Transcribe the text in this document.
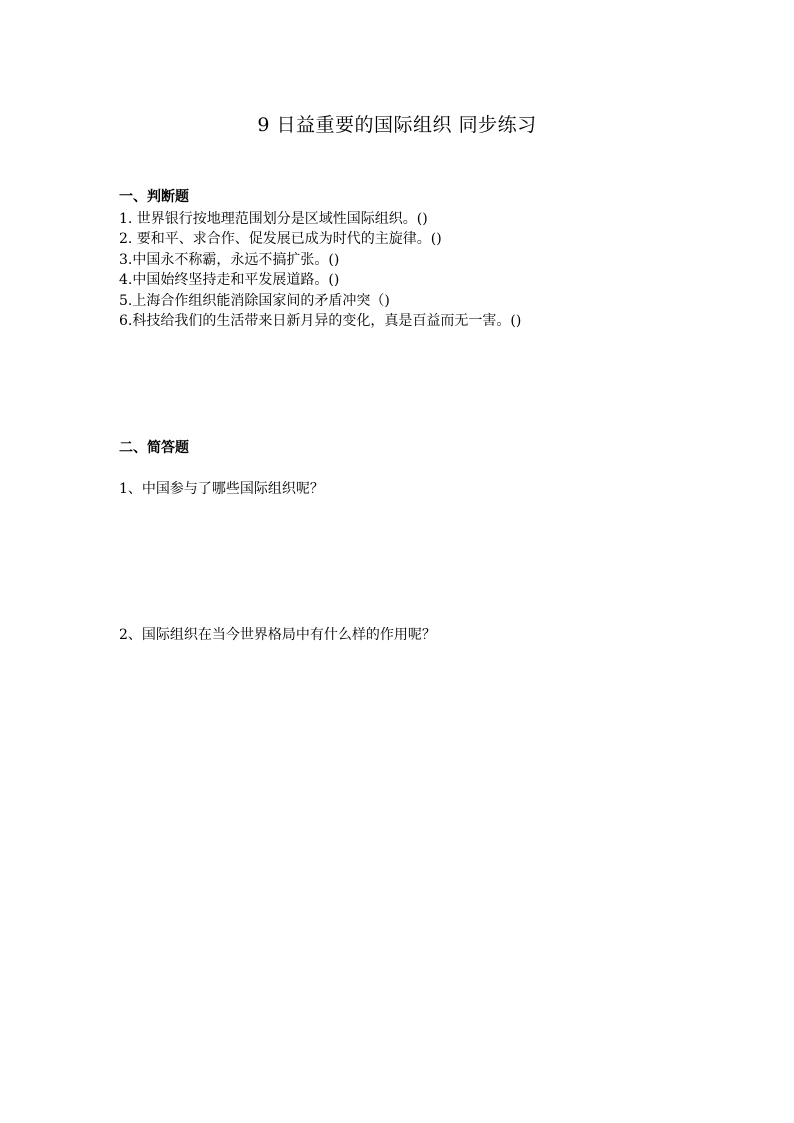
9 日益重要的国际组织 同步练习
一、判断题
1. 世界银行按地理范围划分是区域性国际组织。()
2. 要和平、求合作、促发展已成为时代的主旋律。()
3.中国永不称霸，永远不搞扩张。()
4.中国始终坚持走和平发展道路。()
5.上海合作组织能消除国家间的矛盾冲突（)
6.科技给我们的生活带来日新月异的变化，真是百益而无一害。()
二、简答题
1、中国参与了哪些国际组织呢？
2、国际组织在当今世界格局中有什么样的作用呢？
